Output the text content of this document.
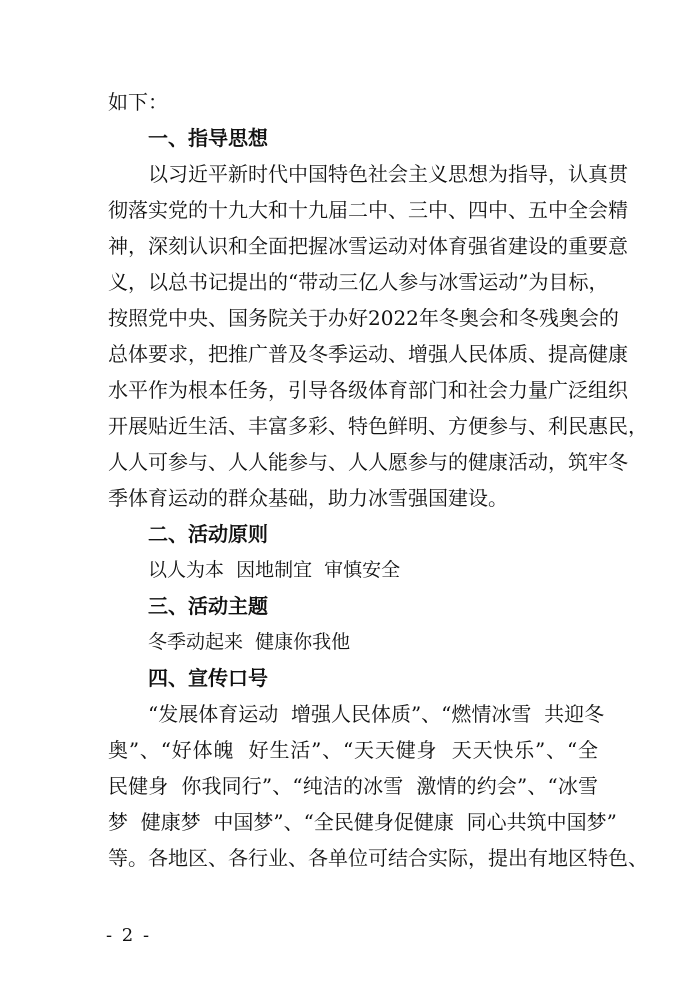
如下：
一、指导思想
以习近平新时代中国特色社会主义思想为指导，认真贯
彻落实党的十九大和十九届二中、三中、四中、五中全会精
神，深刻认识和全面把握冰雪运动对体育强省建设的重要意
义，以总书记提出的“带动三亿人参与冰雪运动”为目标，
按照党中央、国务院关于办好2022年冬奥会和冬残奥会的
总体要求，把推广普及冬季运动、增强人民体质、提高健康
水平作为根本任务，引导各级体育部门和社会力量广泛组织
开展贴近生活、丰富多彩、特色鲜明、方便参与、利民惠民，
人人可参与、人人能参与、人人愿参与的健康活动，筑牢冬
季体育运动的群众基础，助力冰雪强国建设。
二、活动原则
以人为本  因地制宜  审慎安全
三、活动主题
冬季动起来  健康你我他
四、宣传口号
“发展体育运动  增强人民体质”、“燃情冰雪  共迎冬
奥”、“好体魄  好生活”、“天天健身  天天快乐”、“全
民健身  你我同行”、“纯洁的冰雪  激情的约会”、“冰雪
梦  健康梦  中国梦”、“全民健身促健康  同心共筑中国梦”
等。各地区、各行业、各单位可结合实际，提出有地区特色、
- 2 -
